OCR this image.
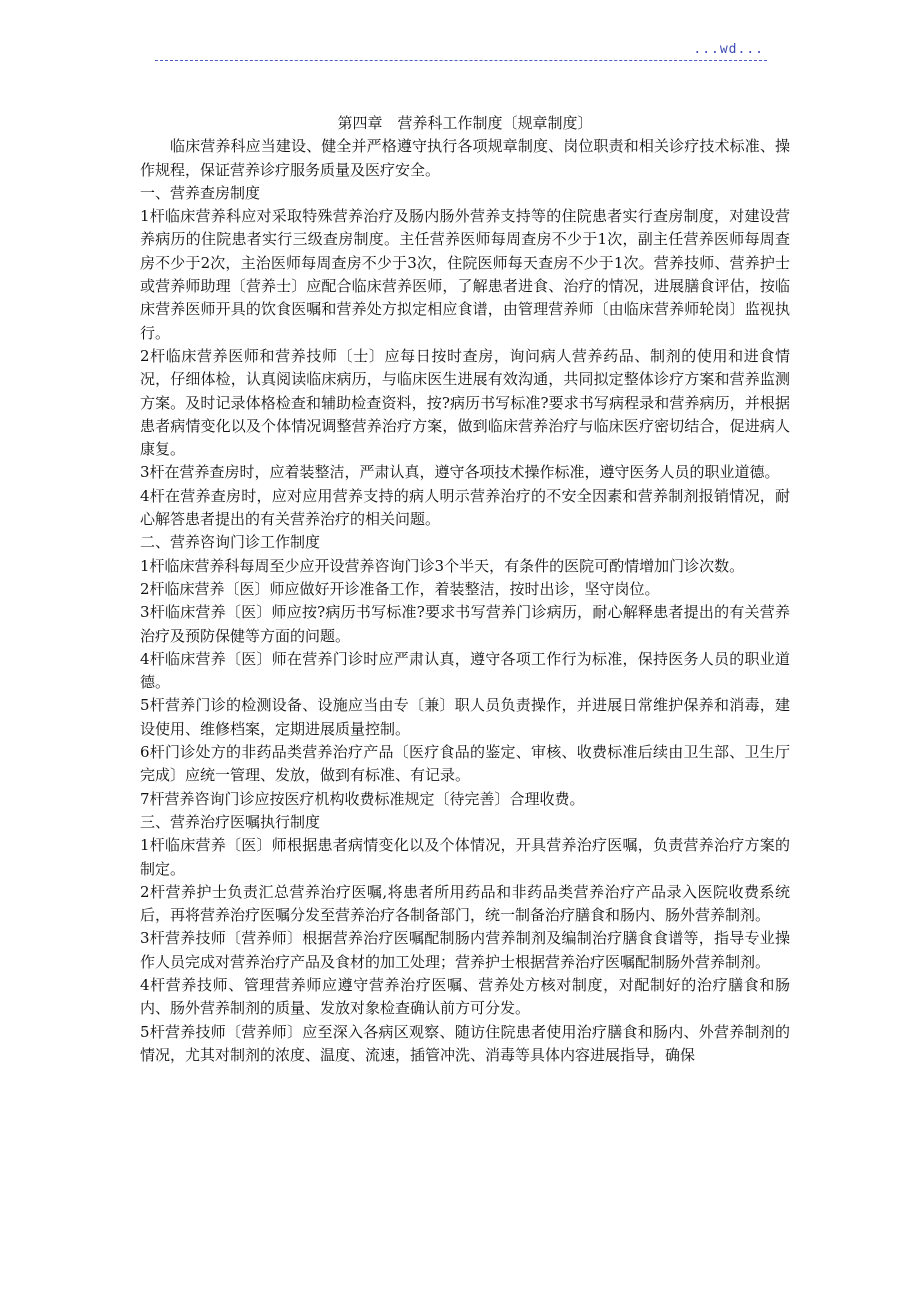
...wd...
第四章　营养科工作制度〔规章制度〕

临床营养科应当建设、健全并严格遵守执行各项规章制度、岗位职责和相关诊疗技术标准、操作规程，保证营养诊疗服务质量及医疗安全。

一、营养查房制度

1杆临床营养科应对采取特殊营养治疗及肠内肠外营养支持等的住院患者实行查房制度，对建设营养病历的住院患者实行三级查房制度。主任营养医师每周查房不少于1次，副主任营养医师每周查房不少于2次，主治医师每周查房不少于3次，住院医师每天查房不少于1次。营养技师、营养护士或营养师助理〔营养士〕应配合临床营养医师，了解患者进食、治疗的情况，进展膳食评估，按临床营养医师开具的饮食医嘱和营养处方拟定相应食谱，由管理营养师〔由临床营养师轮岗〕监视执行。

2杆临床营养医师和营养技师〔士〕应每日按时查房，询问病人营养药品、制剂的使用和进食情况，仔细体检，认真阅读临床病历，与临床医生进展有效沟通，共同拟定整体诊疗方案和营养监测方案。及时记录体格检查和辅助检查资料，按?病历书写标准?要求书写病程录和营养病历，并根据患者病情变化以及个体情况调整营养治疗方案，做到临床营养治疗与临床医疗密切结合，促进病人康复。

3杆在营养查房时，应着装整洁，严肃认真，遵守各项技术操作标准，遵守医务人员的职业道德。

4杆在营养查房时，应对应用营养支持的病人明示营养治疗的不安全因素和营养制剂报销情况，耐心解答患者提出的有关营养治疗的相关问题。

二、营养咨询门诊工作制度

1杆临床营养科每周至少应开设营养咨询门诊3个半天，有条件的医院可酌情增加门诊次数。

2杆临床营养〔医〕师应做好开诊准备工作，着装整洁，按时出诊，坚守岗位。

3杆临床营养〔医〕师应按?病历书写标准?要求书写营养门诊病历，耐心解释患者提出的有关营养治疗及预防保健等方面的问题。

4杆临床营养〔医〕师在营养门诊时应严肃认真，遵守各项工作行为标准，保持医务人员的职业道德。

5杆营养门诊的检测设备、设施应当由专〔兼〕职人员负责操作，并进展日常维护保养和消毒，建设使用、维修档案，定期进展质量控制。

6杆门诊处方的非药品类营养治疗产品〔医疗食品的鉴定、审核、收费标准后续由卫生部、卫生厅完成〕应统一管理、发放，做到有标准、有记录。

7杆营养咨询门诊应按医疗机构收费标准规定〔待完善〕合理收费。

三、营养治疗医嘱执行制度

1杆临床营养〔医〕师根据患者病情变化以及个体情况，开具营养治疗医嘱，负责营养治疗方案的制定。

2杆营养护士负责汇总营养治疗医嘱,将患者所用药品和非药品类营养治疗产品录入医院收费系统后，再将营养治疗医嘱分发至营养治疗各制备部门，统一制备治疗膳食和肠内、肠外营养制剂。

3杆营养技师〔营养师〕根据营养治疗医嘱配制肠内营养制剂及编制治疗膳食食谱等，指导专业操作人员完成对营养治疗产品及食材的加工处理；营养护士根据营养治疗医嘱配制肠外营养制剂。

4杆营养技师、管理营养师应遵守营养治疗医嘱、营养处方核对制度，对配制好的治疗膳食和肠内、肠外营养制剂的质量、发放对象检查确认前方可分发。

5杆营养技师〔营养师〕应至深入各病区观察、随访住院患者使用治疗膳食和肠内、外营养制剂的情况，尤其对制剂的浓度、温度、流速，插管冲洗、消毒等具体内容进展指导，确保
